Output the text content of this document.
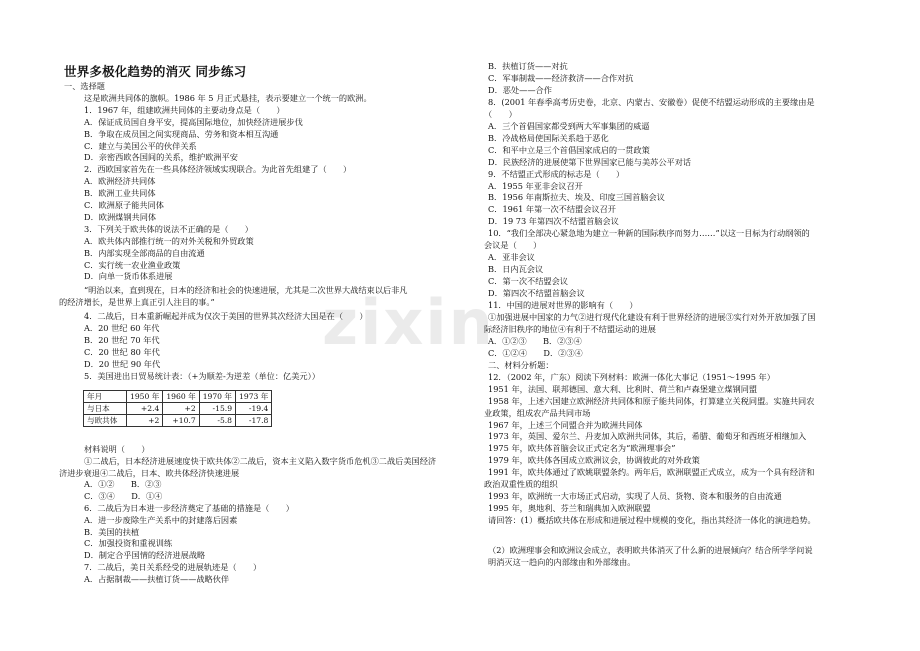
zixin
世界多极化趋势的消灭 同步练习
一、选择题
这是欧洲共同体的旗帜。1986 年 5 月正式悬挂，表示要建立一个统一的欧洲。
1．1967 年，组建欧洲共同体的主要动身点是（　　）
A．保证成员国自身平安，提高国际地位，加快经济进展步伐
B．争取在成员国之间实现商品、劳务和资本相互沟通
C．建立与美国公平的伙伴关系
D．亲密西欧各国间的关系，维护欧洲平安
2．西欧国家首先在一些具体经济领域实现联合。为此首先组建了（　　）
A．欧洲经济共同体
B．欧洲工业共同体
C．欧洲原子能共同体
D．欧洲煤钢共同体
3．下列关于欧共体的说法不正确的是（　　）
A．欧共体内部推行统一的对外关税和外贸政策
B．内部实现全部商品的自由流通
C．实行统一农业渔业政策
D．向单一货币体系进展
“明治以来，直到现在，日本的经济和社会的快速进展，尤其是二次世界大战结束以后非凡
的经济增长，是世界上真正引人注目的事。”
4．二战后，日本重新崛起并成为仅次于美国的世界其次经济大国是在（　　）
A．20 世纪 60 年代
B．20 世纪 70 年代
C．20 世纪 80 年代
D．20 世纪 90 年代
5．美国进出日贸易统计表：（+为顺差-为逆差（单位：亿美元））
年月	1950 年	1960 年	1970 年	1973 年
与日本	+2.4	+2	-15.9	-19.4
与欧共体	+2	+10.7	-5.8	-17.8
材料说明（　　）
①二战后，日本经济进展速度快于欧共体②二战后，资本主义陷入数字货币危机③二战后美国经济
济进步衰退④二战后，日本、欧共体经济快速进展
A．①②　　B．②③
C．③④　　D．①④
6．二战后为日本进一步经济奠定了基础的措施是（　　）
A．进一步废除生产关系中的封建落后因素
B．美国的扶植
C．加强投资和重视训练
D．制定合乎国情的经济进展战略
7．二战后，美日关系经受的进展轨迹是（　　）
A．占据制裁——扶植订货——战略伙伴
B．扶植订货——对抗
C．军事制裁——经济救济——合作对抗
D．恶处——合作
8．(2001 年春季高考历史卷，北京、内蒙古、安徽卷）促使不结盟运动形成的主要缘由是
（　　）
A．三个首倡国家都受到两大军事集团的威逼
B．冷战格局使国际关系趋于恶化
C．和平中立是三个首倡国家成启的一贯政策
D．民族经济的进展使第下世界国家已能与美苏公平对话
9．不结盟正式形成的标志是（　　）
A．1955 年亚非会议召开
B．1956 年南斯拉夫、埃及、印度三国首脑会议
C．1961 年第一次不结盟会议召开
D．19 73 年第四次不结盟首脑会议
10．“我们全部决心紧急地为建立一种新的国际秩序而努力……”以这一目标为行动纲领的
会议是（　　）
A．亚非会议
B．日内瓦会议
C．第一次不结盟会议
D．第四次不结盟首脑会议
11．中国的进展对世界的影响有（　　）
①加强进展中国家的力气②进行现代化建设有利于世界经济的进展③实行对外开放加强了国
际经济旧秩序的地位④有利于不结盟运动的进展
A．①②③　　B．②③④
C．①②④　　D．②③④
二、材料分析题：
12．（2002 年，广东）阅读下列材料：欧洲一体化大事记（1951～1995 年）
1951 年，法国、联邦德国、意大利、比利时、荷兰和卢森堡建立煤钢同盟
1958 年，上述六国建立欧洲经济共同体和原子能共同体，打算建立关税同盟。实施共同农
业政策，组成农产品共同市场
1967 年，上述三个同盟合并为欧洲共同体
1973 年，英国、爱尔兰、丹麦加入欧洲共同体，其后，希腊、葡萄牙和西班牙相继加入
1975 年，欧共体首脑会议正式定名为“欧洲理事会”
1979 年，欧共体各国成立欧洲议会，协调彼此的对外政策
1991 年，欧共体通过了欧姚联盟条约。两年后，欧洲联盟正式成立，成为一个具有经济和
政治双重性质的组织
1993 年，欧洲统一大市场正式启动，实现了人员、货物、资本和服务的自由流通
1995 年，奥地利、芬兰和瑞典加入欧洲联盟
请回答：(1）概括欧共体在形成和进展过程中规模的变化，指出其经济一体化的演进趋势。
（2）欧洲理事会和欧洲议会成立，表明欧共体消灭了什么新的进展倾向？结合所学学问说
明消灭这一趋向的内部缘由和外部缘由。
